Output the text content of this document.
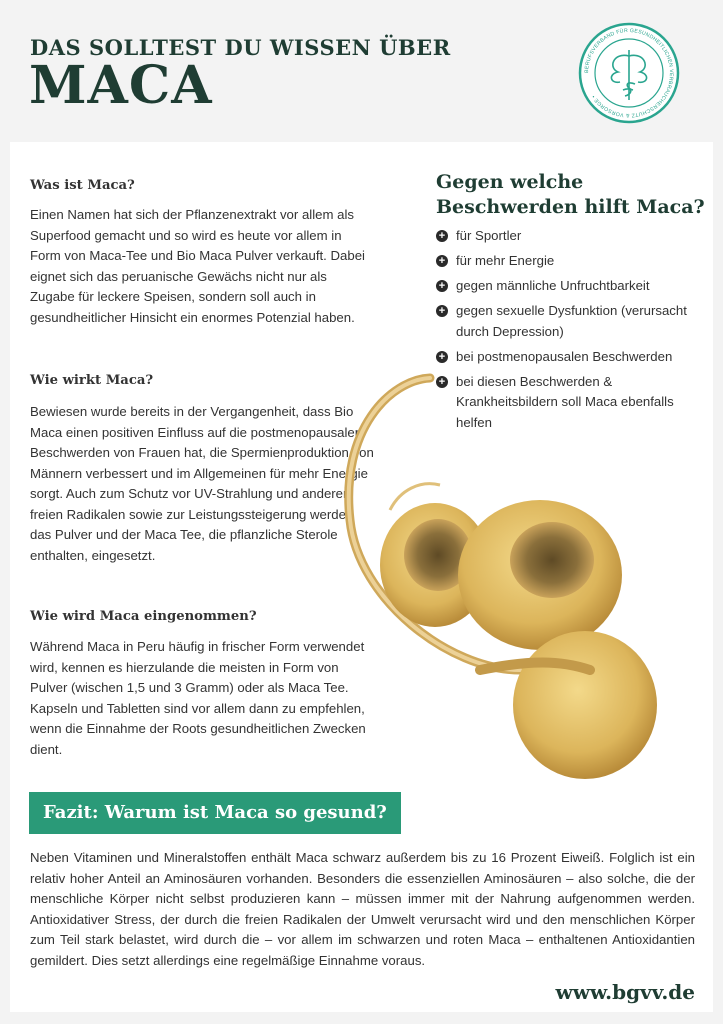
DAS SOLLTEST DU WISSEN ÜBER
MACA	BERUFSVERBAND FÜR GESUNDHEITLICHEN VERBRAUCHERSCHUTZ & VORSORGE •
Was ist Maca?

Einen Namen hat sich der Pflanzenextrakt vor allem als Superfood gemacht und so wird es heute vor allem in Form von Maca-Tee und Bio Maca Pulver verkauft. Dabei eignet sich das peruanische Gewächs nicht nur als Zugabe für leckere Speisen, sondern soll auch in gesundheitlicher Hinsicht ein enormes Potenzial haben.

Wie wirkt Maca?

Bewiesen wurde bereits in der Vergangenheit, dass Bio Maca einen positiven Einfluss auf die postmenopausalen Beschwerden von Frauen hat, die Spermienproduktion von Männern verbessert und im Allgemeinen für mehr Energie sorgt. Auch zum Schutz vor UV-Strahlung und anderen freien Radikalen sowie zur Leistungssteigerung werden das Pulver und der Maca Tee, die pflanzliche Sterole enthalten, eingesetzt.

Wie wird Maca eingenommen?

Während Maca in Peru häufig in frischer Form verwendet wird, kennen es hierzulande die meisten in Form von Pulver (wischen 1,5 und 3 Gramm) oder als Maca Tee. Kapseln und Tabletten sind vor allem dann zu empfehlen, wenn die Einnahme der Roots gesundheitlichen Zwecken dient.

Gegen welche Beschwerden hilft Maca?
+ für Sportler
+ für mehr Energie
+ gegen männliche Unfruchtbarkeit
+ gegen sexuelle Dysfunktion (verursacht durch Depression)
+ bei postmenopausalen Beschwerden
+ bei diesen Beschwerden & Krankheitsbildern soll Maca ebenfalls helfen
Fazit: Warum ist Maca so gesund?

Neben Vitaminen und Mineralstoffen enthält Maca schwarz außerdem bis zu 16 Prozent Eiweiß. Folglich ist ein relativ hoher Anteil an Aminosäuren vorhanden. Besonders die essenziellen Aminosäuren – also solche, die der menschliche Körper nicht selbst produzieren kann – müssen immer mit der Nahrung aufgenommen werden. Antioxidativer Stress, der durch die freien Radikalen der Umwelt verursacht wird und den menschlichen Körper zum Teil stark belastet, wird durch die – vor allem im schwarzen und roten Maca – enthaltenen Antioxidantien gemildert. Dies setzt allerdings eine regelmäßige Einnahme voraus.

www.bgvv.de
